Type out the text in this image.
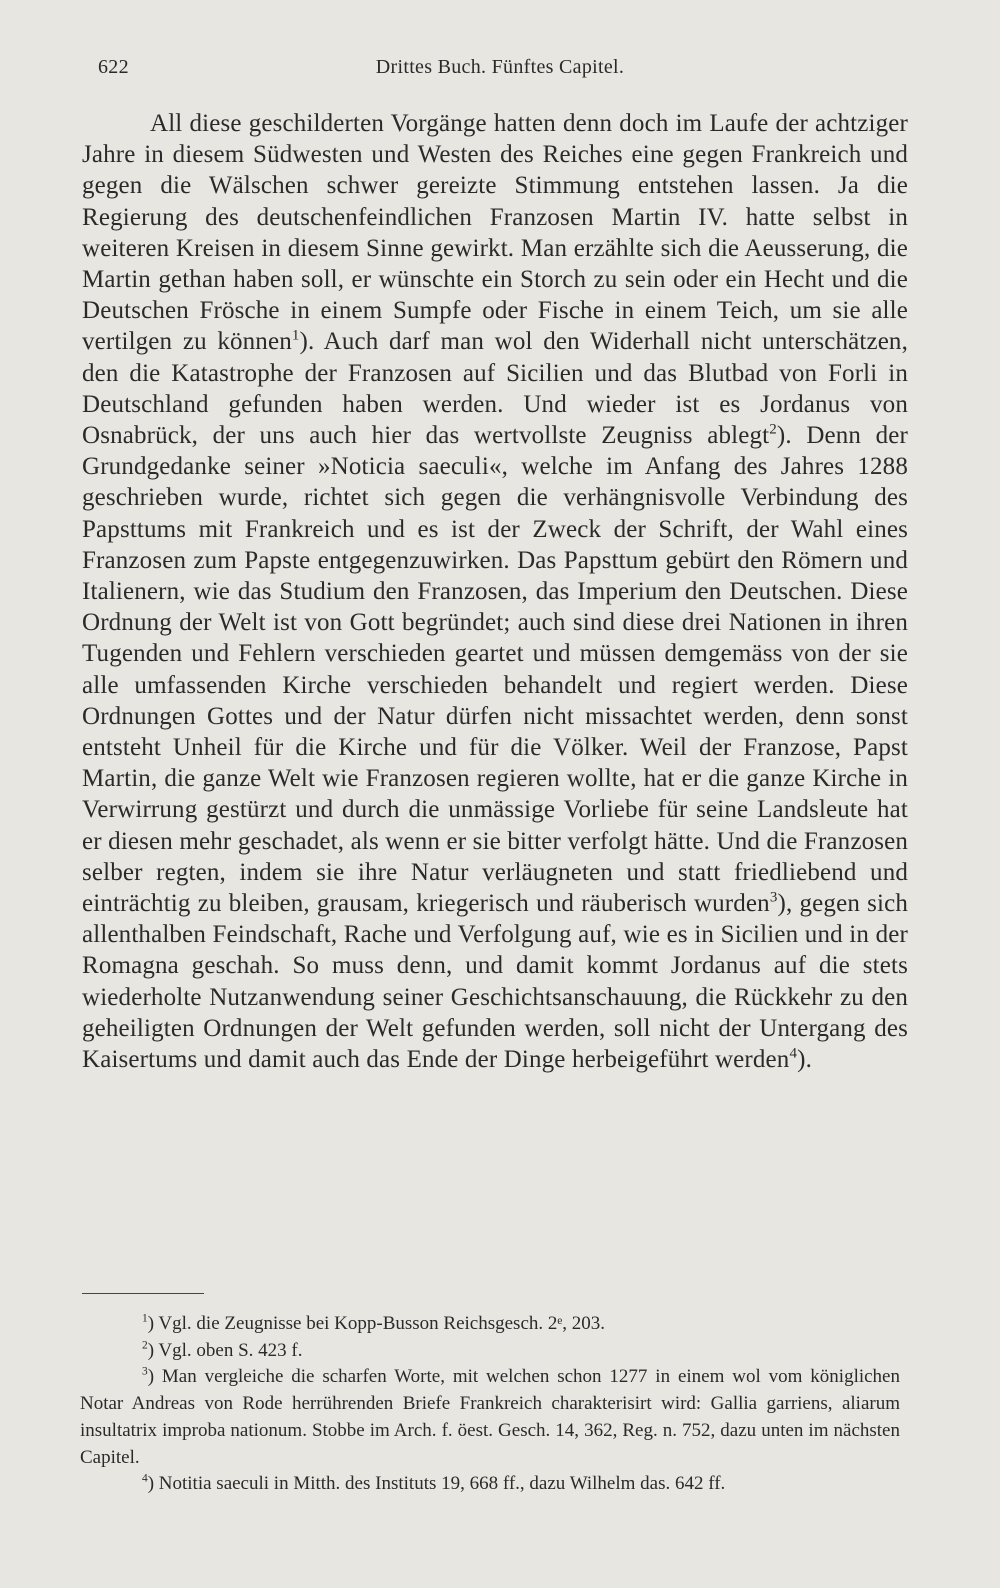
622	Drittes Buch. Fünftes Capitel.

All diese geschilderten Vorgänge hatten denn doch im Laufe der achtziger Jahre in diesem Südwesten und Westen des Reiches eine gegen Frankreich und gegen die Wälschen schwer gereizte Stimmung entstehen lassen. Ja die Regierung des deutschenfeindlichen Franzosen Martin IV. hatte selbst in weiteren Kreisen in diesem Sinne gewirkt. Man erzählte sich die Aeusserung, die Martin gethan haben soll, er wünschte ein Storch zu sein oder ein Hecht und die Deutschen Frösche in einem Sumpfe oder Fische in einem Teich, um sie alle vertilgen zu können$^1$). Auch darf man wol den Widerhall nicht unterschätzen, den die Katastrophe der Franzosen auf Sicilien und das Blutbad von Forli in Deutschland gefunden haben werden. Und wieder ist es Jordanus von Osnabrück, der uns auch hier das wertvollste Zeugniss ablegt$^2$). Denn der Grundgedanke seiner »Noticia saeculi«, welche im Anfang des Jahres 1288 geschrieben wurde, richtet sich gegen die verhängnisvolle Verbindung des Papsttums mit Frankreich und es ist der Zweck der Schrift, der Wahl eines Franzosen zum Papste entgegenzuwirken. Das Papsttum gebürt den Römern und Italienern, wie das Studium den Franzosen, das Imperium den Deutschen. Diese Ordnung der Welt ist von Gott begründet; auch sind diese drei Nationen in ihren Tugenden und Fehlern verschieden geartet und müssen demgemäss von der sie alle umfassenden Kirche verschieden behandelt und regiert werden. Diese Ordnungen Gottes und der Natur dürfen nicht missachtet werden, denn sonst entsteht Unheil für die Kirche und für die Völker. Weil der Franzose, Papst Martin, die ganze Welt wie Franzosen regieren wollte, hat er die ganze Kirche in Verwirrung gestürzt und durch die unmässige Vorliebe für seine Landsleute hat er diesen mehr geschadet, als wenn er sie bitter verfolgt hätte. Und die Franzosen selber regten, indem sie ihre Natur verläugneten und statt friedliebend und einträchtig zu bleiben, grausam, kriegerisch und räuberisch wurden$^3$), gegen sich allenthalben Feindschaft, Rache und Verfolgung auf, wie es in Sicilien und in der Romagna geschah. So muss denn, und damit kommt Jordanus auf die stets wiederholte Nutzanwendung seiner Geschichtsanschauung, die Rückkehr zu den geheiligten Ordnungen der Welt gefunden werden, soll nicht der Untergang des Kaisertums und damit auch das Ende der Dinge herbeigeführt werden$^4$).

$^1$) Vgl. die Zeugnisse bei Kopp-Busson Reichsgesch. 2ᵉ, 203.

$^2$) Vgl. oben S. 423 f.

$^3$) Man vergleiche die scharfen Worte, mit welchen schon 1277 in einem wol vom königlichen Notar Andreas von Rode herrührenden Briefe Frankreich charakterisirt wird: Gallia garriens, aliarum insultatrix improba nationum. Stobbe im Arch. f. öest. Gesch. 14, 362, Reg. n. 752, dazu unten im nächsten Capitel.

$^4$) Notitia saeculi in Mitth. des Instituts 19, 668 ff., dazu Wilhelm das. 642 ff.
